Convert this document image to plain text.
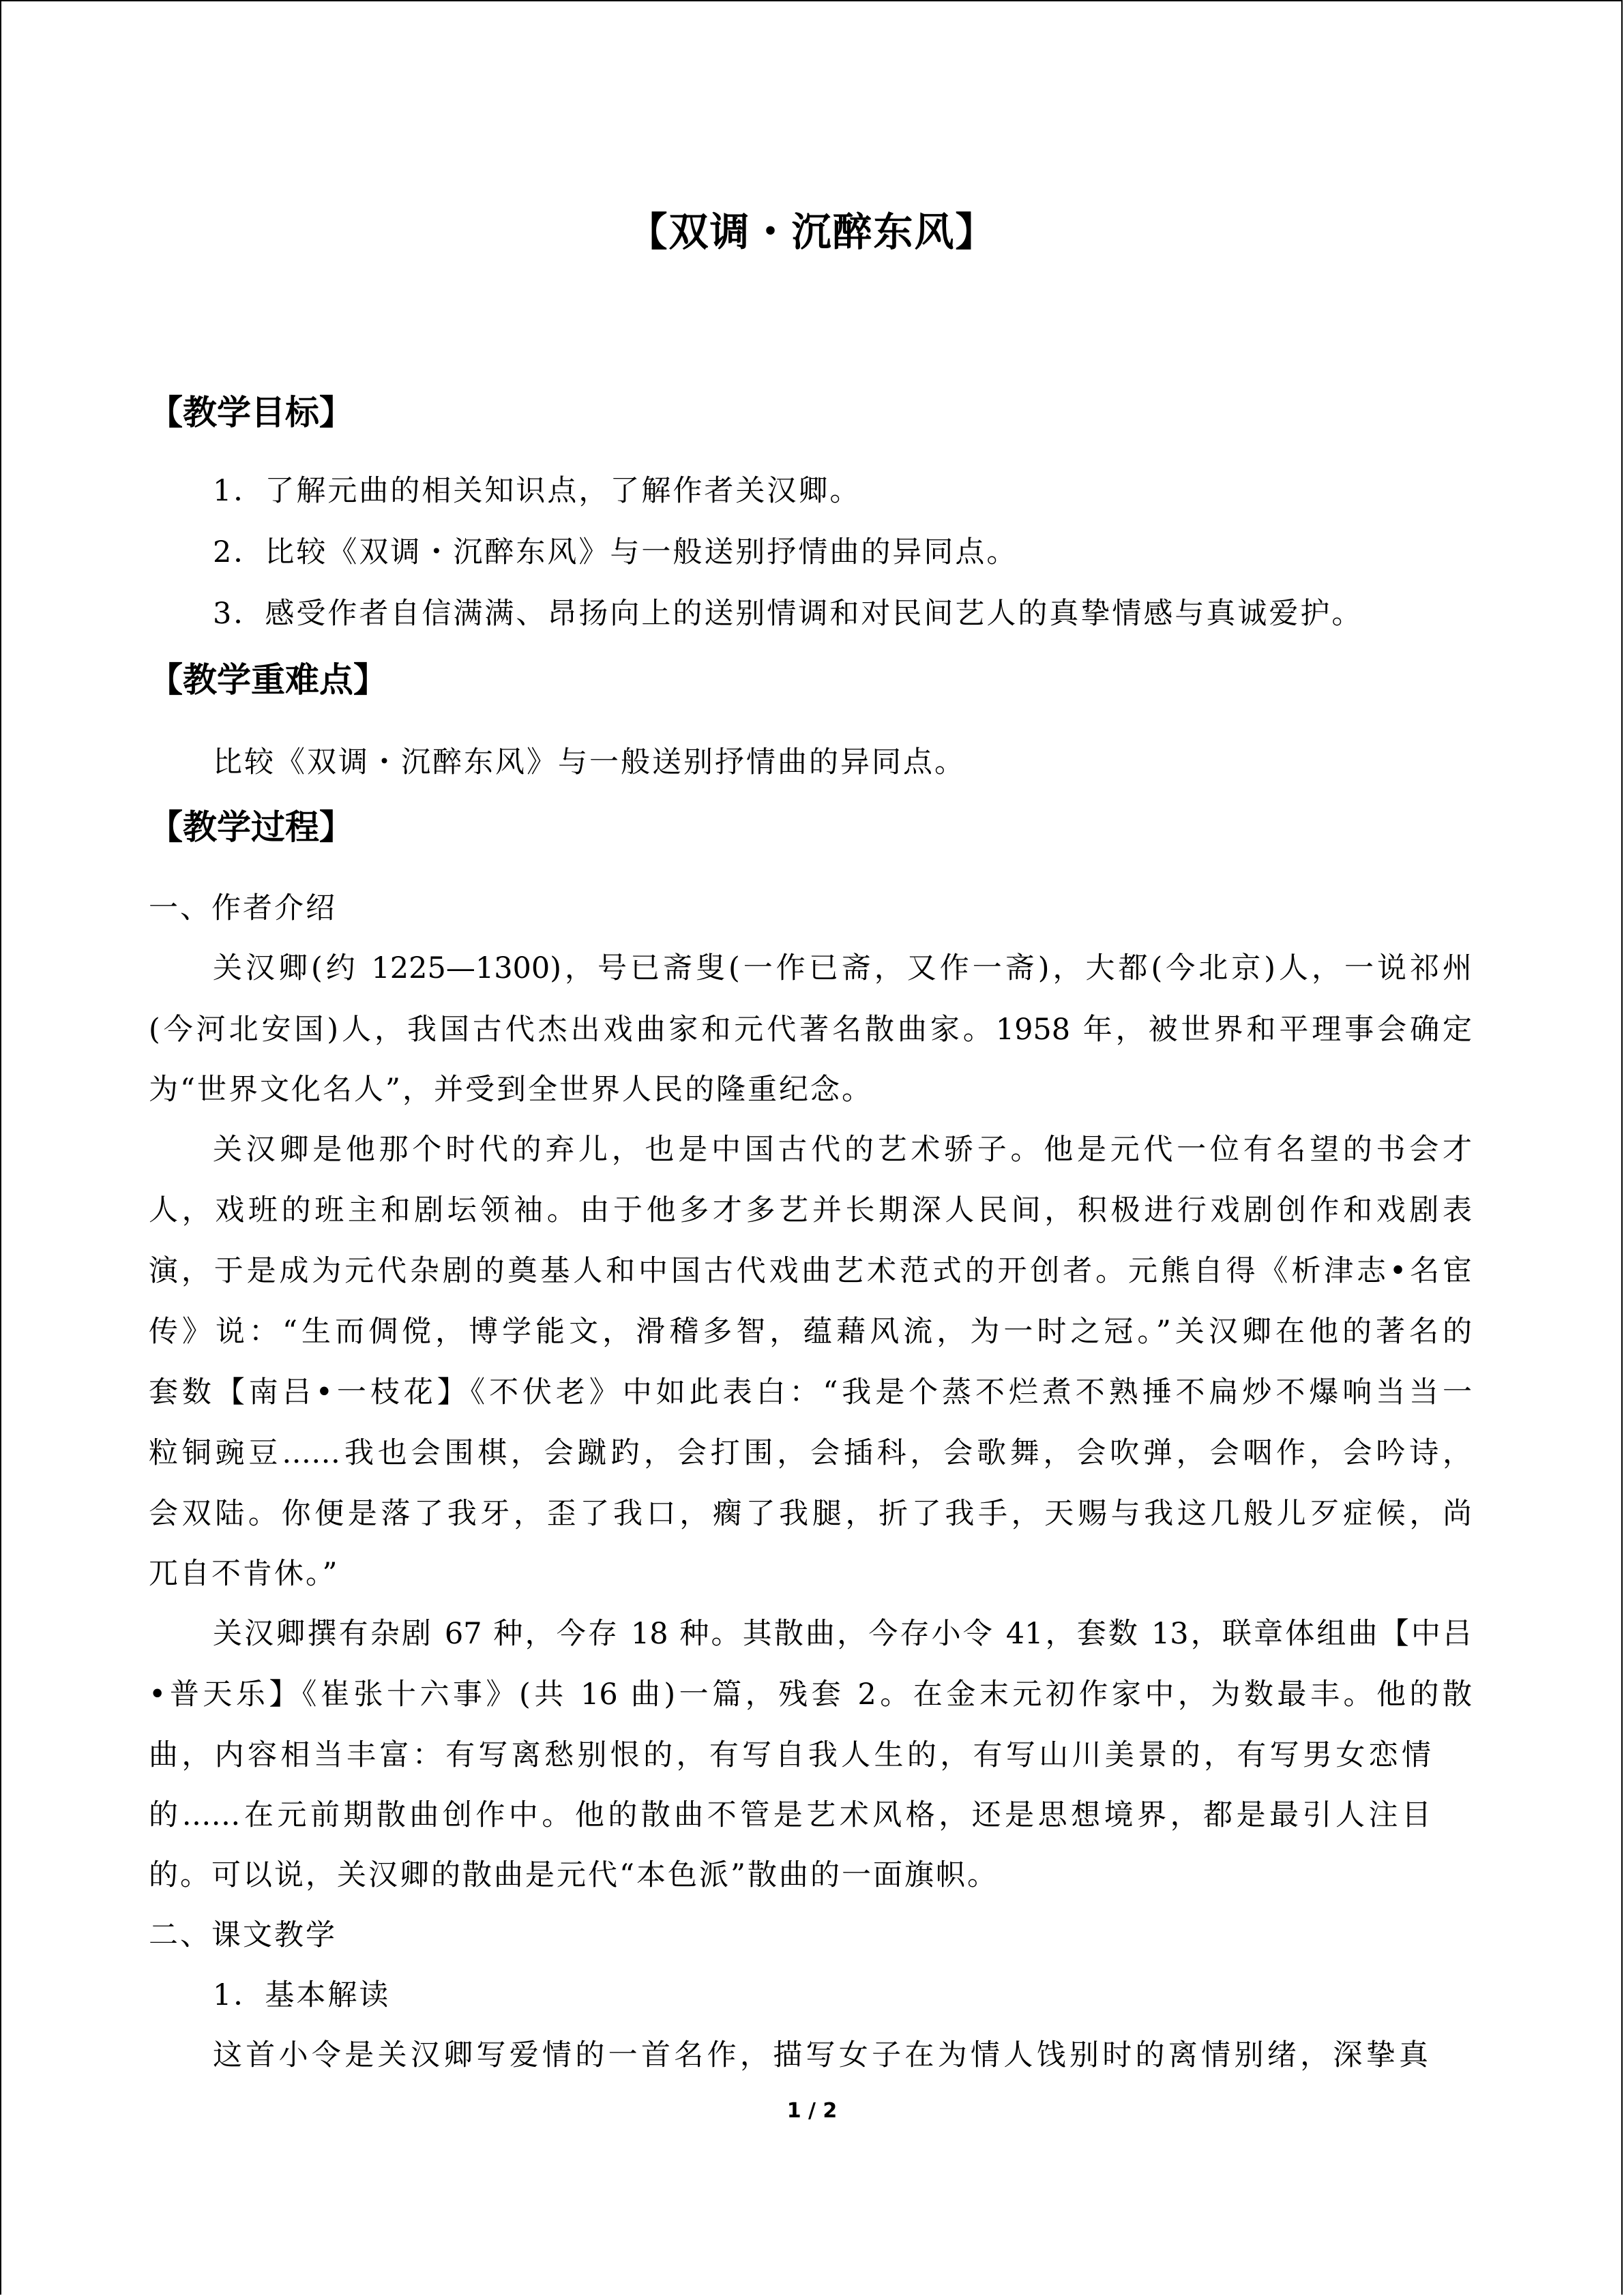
【双调・沉醉东风】
【教学目标】
1．了解元曲的相关知识点，了解作者关汉卿。
2．比较《双调・沉醉东风》与一般送别抒情曲的异同点。
3．感受作者自信满满、昂扬向上的送别情调和对民间艺人的真挚情感与真诚爱护。
【教学重难点】
比较《双调・沉醉东风》与一般送别抒情曲的异同点。
【教学过程】
一、作者介绍
关汉卿(约 1225—1300)，号已斋叟(一作已斋，又作一斋)，大都(今北京)人，一说祁州
(今河北安国)人，我国古代杰出戏曲家和元代著名散曲家。1958 年，被世界和平理事会确定
为“世界文化名人”，并受到全世界人民的隆重纪念。
关汉卿是他那个时代的弃儿，也是中国古代的艺术骄子。他是元代一位有名望的书会才
人，戏班的班主和剧坛领袖。由于他多才多艺并长期深人民间，积极进行戏剧创作和戏剧表
演，于是成为元代杂剧的奠基人和中国古代戏曲艺术范式的开创者。元熊自得《析津志•名宦
传》说：“生而倜傥，博学能文，滑稽多智，蕴藉风流，为一时之冠。”关汉卿在他的著名的
套数【南吕•一枝花】《不伏老》中如此表白：“我是个蒸不烂煮不熟捶不扁炒不爆响当当一
粒铜豌豆……我也会围棋，会蹴趵，会打围，会插科，会歌舞，会吹弹，会咽作，会吟诗，
会双陆。你便是落了我牙，歪了我口，瘸了我腿，折了我手，天赐与我这几般儿歹症候，尚
兀自不肯休。”
关汉卿撰有杂剧 67 种，今存 18 种。其散曲，今存小令 41，套数 13，联章体组曲【中吕
•普天乐】《崔张十六事》(共 16 曲)一篇，残套 2。在金末元初作家中，为数最丰。他的散
曲，内容相当丰富：有写离愁别恨的，有写自我人生的，有写山川美景的，有写男女恋情
的……在元前期散曲创作中。他的散曲不管是艺术风格，还是思想境界，都是最引人注目
的。可以说，关汉卿的散曲是元代“本色派”散曲的一面旗帜。
二、课文教学
1．基本解读
这首小令是关汉卿写爱情的一首名作，描写女子在为情人饯别时的离情别绪，深挚真
1 / 2
